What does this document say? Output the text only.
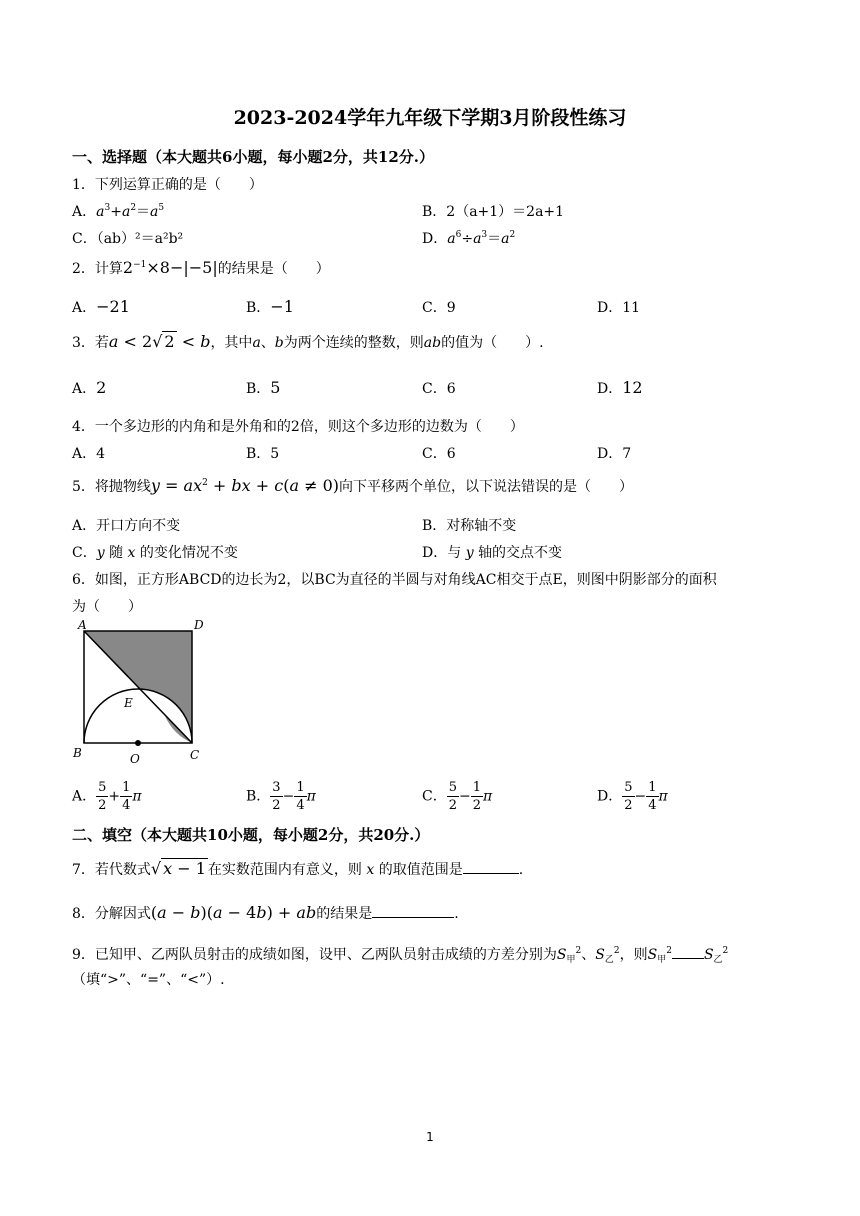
2023-2024学年九年级下学期3月阶段性练习
一、选择题（本大题共6小题，每小题2分，共12分.）
1．下列运算正确的是（　　）
A．$a^3+a^2=a^5$	B．2（a+1）＝2a+1
C．（ab）²＝a²b²	D．$a^6\div a^3=a^2$
2．计算$2^{-1}\times 8-|-5|$的结果是（　　）
A．−21	B．−1	C．9	D．11
3．若a < 2√ 2 < b，其中a、b为两个连续的整数，则ab的值为（　　）.
A．2	B．5	C．6	D．12
4．一个多边形的内角和是外角和的2倍，则这个多边形的边数为（　　）
A．4	B．5	C．6	D．7
5．将抛物线$y = ax^2$ + bx + c(a ≠ 0)向下平移两个单位，以下说法错误的是（　　）
A．开口方向不变	B．对称轴不变
C．y 随 x 的变化情况不变	D．与 y 轴的交点不变
6．如图，正方形ABCD的边长为2，以BC为直径的半圆与对角线AC相交于点E，则图中阴影部分的面积
为（　　）
A	D
B	C
E
O
A． $\frac{5}{2} + \frac{1}{4}$ π	B． $\frac{3}{2} - \frac{1}{4}$ π	C． $\frac{5}{2} - \frac{1}{2}$ π	D． $\frac{5}{2} - \frac{1}{4}$ π
二、填空（本大题共10小题，每小题2分，共20分.）
7．若代数式√ x − 1 在实数范围内有意义，则 x 的取值范围是	.
8．分解因式(a − b)(a − 4b) + ab的结果是	.
9．已知甲、乙两队员射击的成绩如图，设甲、乙两队员射击成绩的方差分别为$S_甲^2$、$S_乙^2$，则$S_甲^2$ $S_乙^2$
（填“>”、“=”、“<”）.
1
